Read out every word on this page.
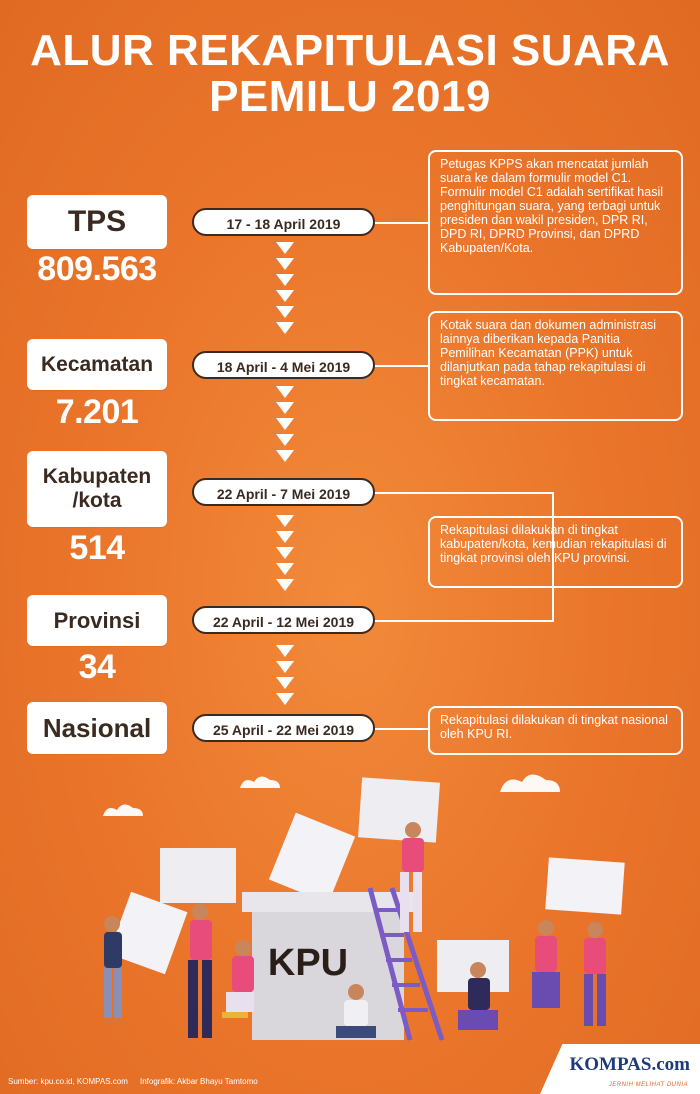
ALUR REKAPITULASI SUARA
PEMILU 2019
TPS
809.563
17 - 18 April 2019
Petugas KPPS akan mencatat jumlah suara ke dalam formulir model C1. Formulir model C1 adalah sertifikat hasil penghitungan suara, yang terbagi untuk presiden dan wakil presiden, DPR RI, DPD RI, DPRD Provinsi, dan DPRD Kabupaten/Kota.
Kecamatan
7.201
18 April - 4 Mei 2019
Kotak suara dan dokumen administrasi lainnya diberikan kepada Panitia Pemilihan Kecamatan (PPK) untuk dilanjutkan pada tahap rekapitulasi di tingkat kecamatan.
Kabupaten /kota
514
22 April - 7 Mei 2019
Rekapitulasi dilakukan di tingkat kabupaten/kota, kemudian rekapitulasi di tingkat provinsi oleh KPU provinsi.
Provinsi
34
22 April - 12 Mei 2019
Nasional	25 April - 22 Mei 2019
Rekapitulasi dilakukan di tingkat nasional oleh KPU RI.
KPU
Sumber: kpu.co.id, KOMPAS.com Infografik: Akbar Bhayu Tamtomo
KOMPAS.com
JERNIH MELIHAT DUNIA
